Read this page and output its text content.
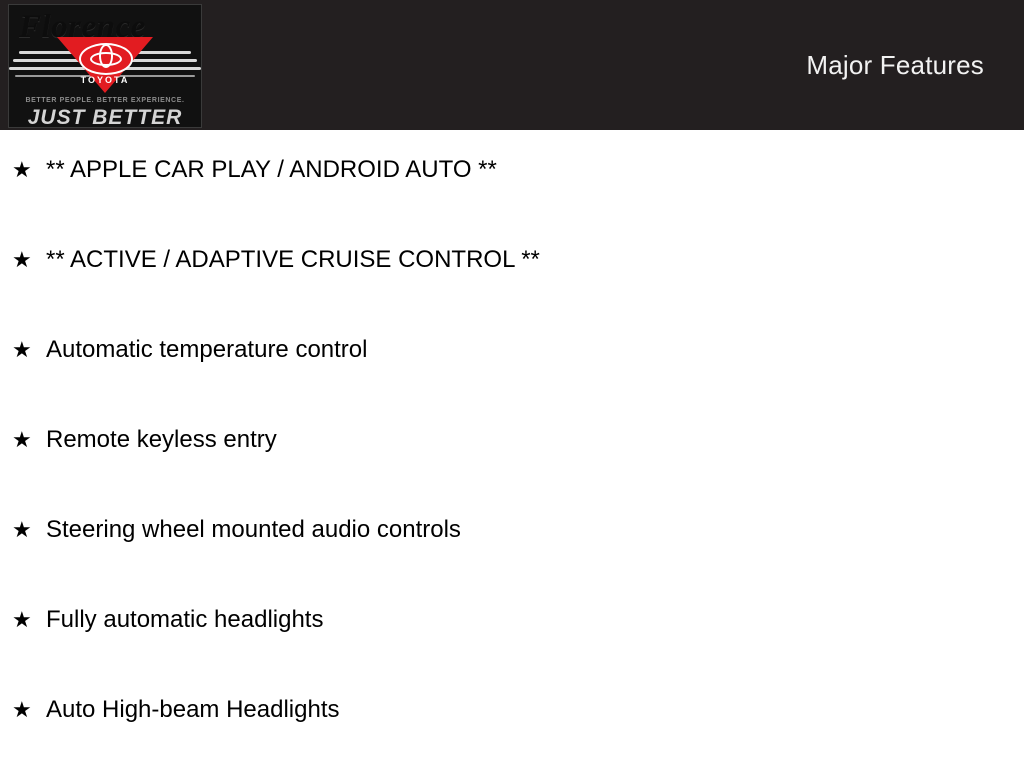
Florence
TOYOTA
BETTER PEOPLE. BETTER EXPERIENCE.
JUST BETTER
Major Features
★ ** APPLE CAR PLAY / ANDROID AUTO **
★ ** ACTIVE / ADAPTIVE CRUISE CONTROL **
★ Automatic temperature control
★ Remote keyless entry
★ Steering wheel mounted audio controls
★ Fully automatic headlights
★ Auto High-beam Headlights
